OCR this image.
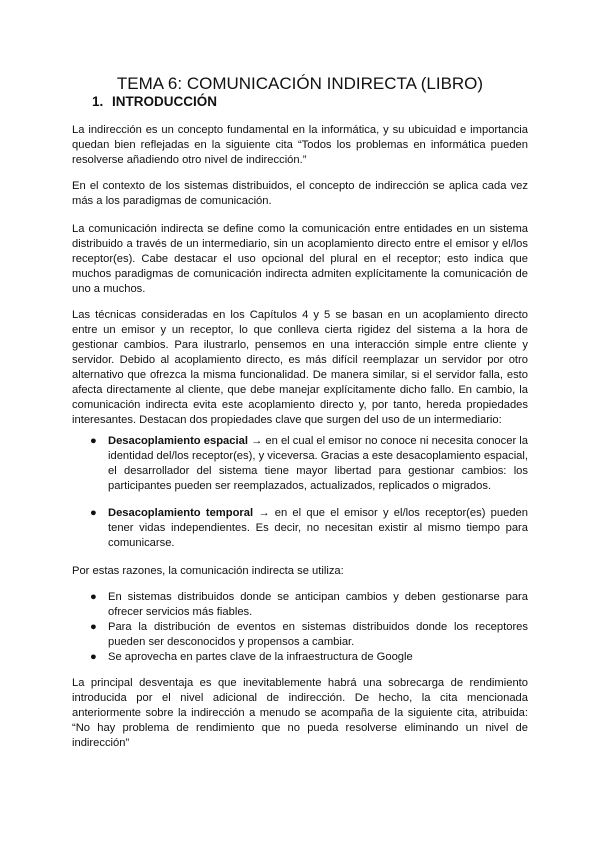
TEMA 6: COMUNICACIÓN INDIRECTA (LIBRO)
1. INTRODUCCIÓN

La indirección es un concepto fundamental en la informática, y su ubicuidad e importancia quedan bien reflejadas en la siguiente cita “Todos los problemas en informática pueden resolverse añadiendo otro nivel de indirección.”

En el contexto de los sistemas distribuidos, el concepto de indirección se aplica cada vez más a los paradigmas de comunicación.

La comunicación indirecta se define como la comunicación entre entidades en un sistema distribuido a través de un intermediario, sin un acoplamiento directo entre el emisor y el/los receptor(es). Cabe destacar el uso opcional del plural en el receptor; esto indica que muchos paradigmas de comunicación indirecta admiten explícitamente la comunicación de uno a muchos.

Las técnicas consideradas en los Capítulos 4 y 5 se basan en un acoplamiento directo entre un emisor y un receptor, lo que conlleva cierta rigidez del sistema a la hora de gestionar cambios. Para ilustrarlo, pensemos en una interacción simple entre cliente y servidor. Debido al acoplamiento directo, es más difícil reemplazar un servidor por otro alternativo que ofrezca la misma funcionalidad. De manera similar, si el servidor falla, esto afecta directamente al cliente, que debe manejar explícitamente dicho fallo. En cambio, la comunicación indirecta evita este acoplamiento directo y, por tanto, hereda propiedades interesantes. Destacan dos propiedades clave que surgen del uso de un intermediario:

● Desacoplamiento espacial → en el cual el emisor no conoce ni necesita conocer la identidad del/los receptor(es), y viceversa. Gracias a este desacoplamiento espacial, el desarrollador del sistema tiene mayor libertad para gestionar cambios: los participantes pueden ser reemplazados, actualizados, replicados o migrados.
● Desacoplamiento temporal → en el que el emisor y el/los receptor(es) pueden tener vidas independientes. Es decir, no necesitan existir al mismo tiempo para comunicarse.

Por estas razones, la comunicación indirecta se utiliza:

● En sistemas distribuidos donde se anticipan cambios y deben gestionarse para ofrecer servicios más fiables.
● Para la distribución de eventos en sistemas distribuidos donde los receptores pueden ser desconocidos y propensos a cambiar.
● Se aprovecha en partes clave de la infraestructura de Google

La principal desventaja es que inevitablemente habrá una sobrecarga de rendimiento introducida por el nivel adicional de indirección. De hecho, la cita mencionada anteriormente sobre la indirección a menudo se acompaña de la siguiente cita, atribuida: “No hay problema de rendimiento que no pueda resolverse eliminando un nivel de indirección”
